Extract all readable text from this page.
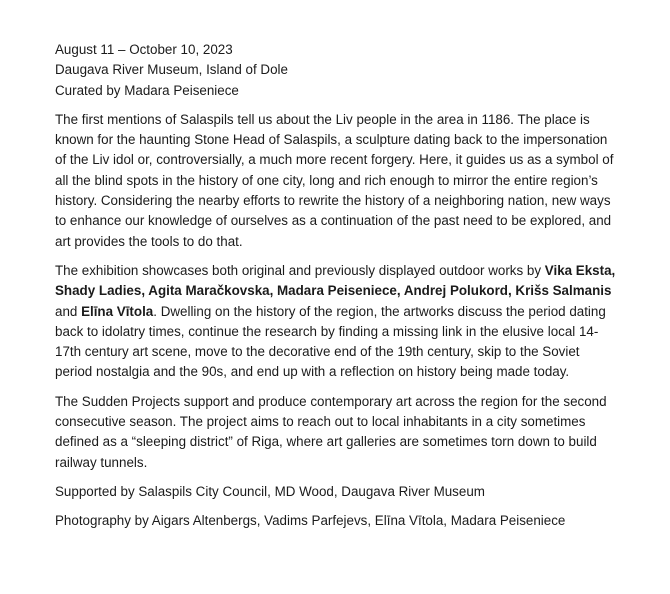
August 11 – October 10, 2023

Daugava River Museum, Island of Dole

Curated by Madara Peiseniece

The first mentions of Salaspils tell us about the Liv people in the area in 1186. The place is known for the haunting Stone Head of Salaspils, a sculpture dating back to the impersonation of the Liv idol or, controversially, a much more recent forgery. Here, it guides us as a symbol of all the blind spots in the history of one city, long and rich enough to mirror the entire region’s history. Considering the nearby efforts to rewrite the history of a neighboring nation, new ways to enhance our knowledge of ourselves as a continuation of the past need to be explored, and art provides the tools to do that.

The exhibition showcases both original and previously displayed outdoor works by Vika Eksta, Shady Ladies, Agita Maračkovska, Madara Peiseniece, Andrej Polukord, Krišs Salmanis and Elīna Vītola. Dwelling on the history of the region, the artworks discuss the period dating back to idolatry times, continue the research by finding a missing link in the elusive local 14-17th century art scene, move to the decorative end of the 19th century, skip to the Soviet period nostalgia and the 90s, and end up with a reflection on history being made today.

The Sudden Projects support and produce contemporary art across the region for the second consecutive season. The project aims to reach out to local inhabitants in a city sometimes defined as a “sleeping district” of Riga, where art galleries are sometimes torn down to build railway tunnels.

Supported by Salaspils City Council, MD Wood, Daugava River Museum

Photography by Aigars Altenbergs, Vadims Parfejevs, Elīna Vītola, Madara Peiseniece
